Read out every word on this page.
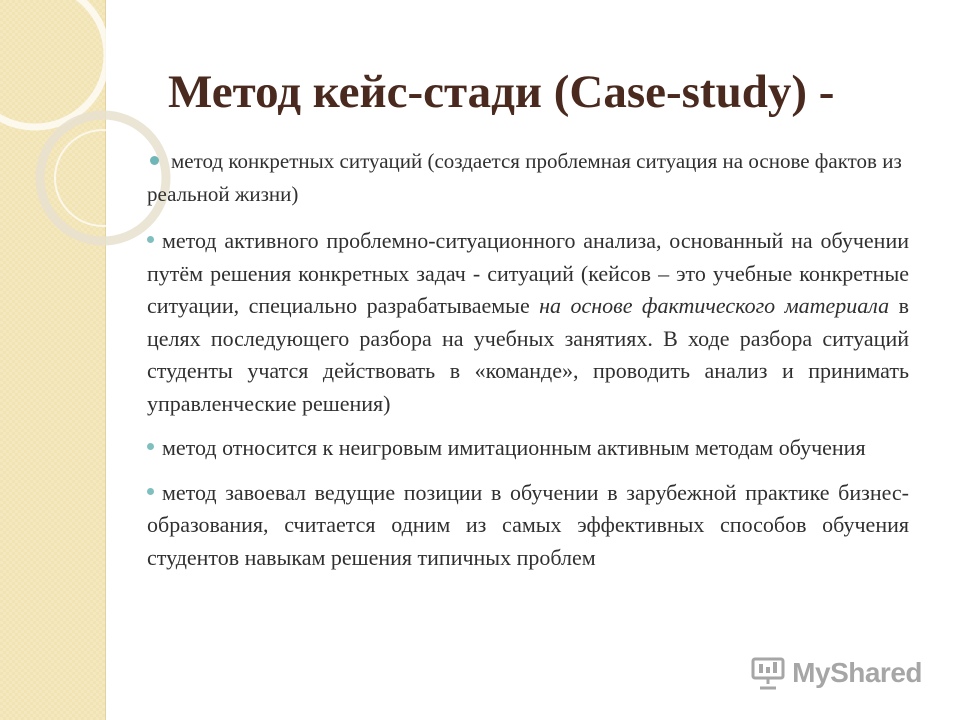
Метод кейс-стади (Case-study) -

метод конкретных ситуаций (создается проблемная ситуация на основе фактов из реальной жизни)

метод активного проблемно-ситуационного анализа, основанный на обучении путём решения конкретных задач - ситуаций (кейсов – это учебные конкретные ситуации, специально разрабатываемые на основе фактического материала в целях последующего разбора на учебных занятиях. В ходе разбора ситуаций студенты учатся действовать в «команде», проводить анализ и принимать управленческие решения)

метод относится к неигровым имитационным активным методам обучения

метод завоевал ведущие позиции в обучении в зарубежной практике бизнес-образования, считается одним из самых эффективных способов обучения студентов навыкам решения типичных проблем

MyShared
